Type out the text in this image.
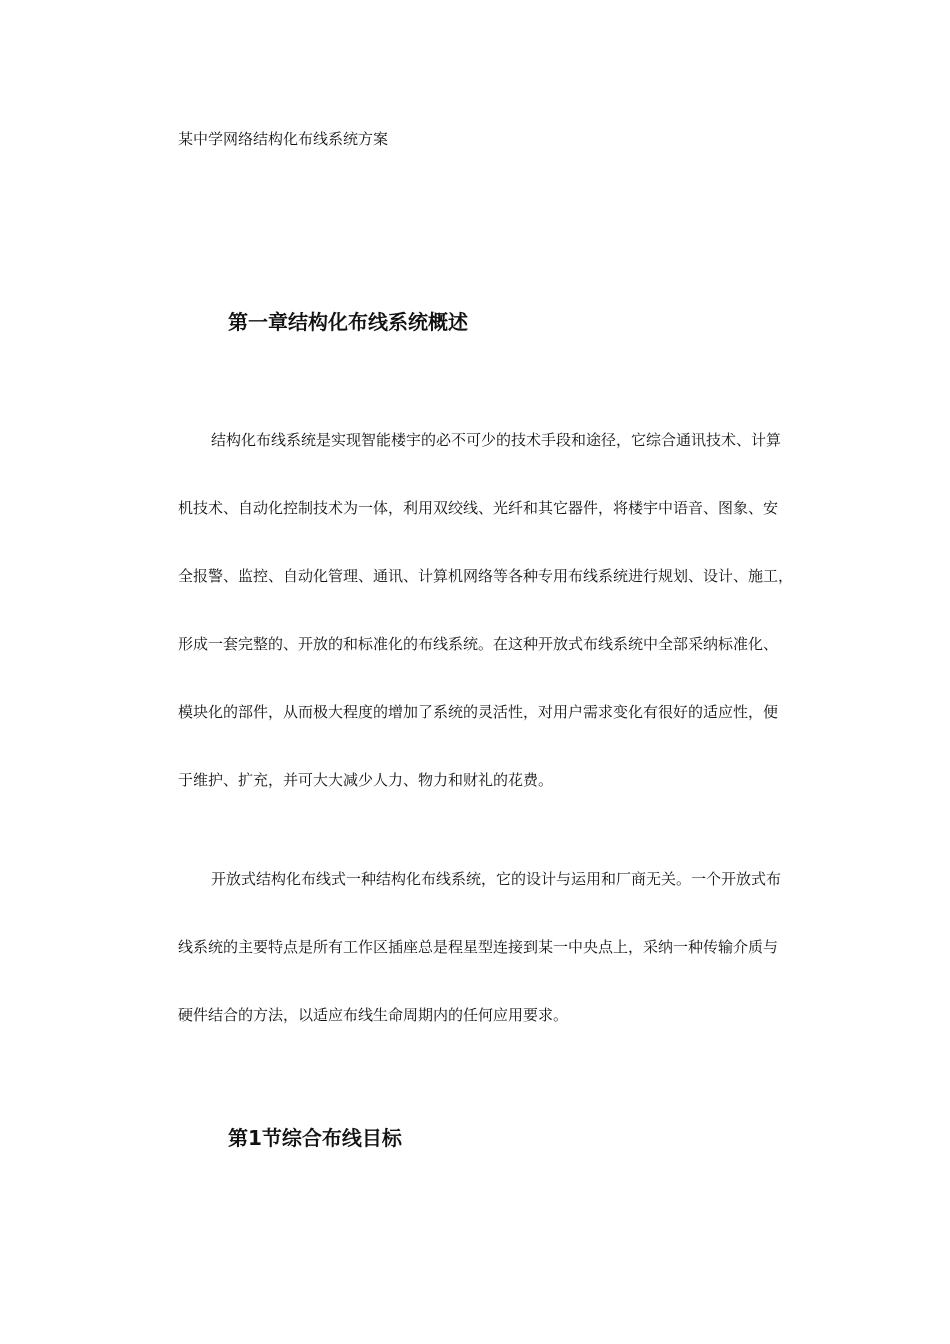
某中学网络结构化布线系统方案
第一章结构化布线系统概述
结构化布线系统是实现智能楼宇的必不可少的技术手段和途径，它综合通讯技术、计算
机技术、自动化控制技术为一体，利用双绞线、光纤和其它器件，将楼宇中语音、图象、安
全报警、监控、自动化管理、通讯、计算机网络等各种专用布线系统进行规划、设计、施工，
形成一套完整的、开放的和标准化的布线系统。在这种开放式布线系统中全部采纳标准化、
模块化的部件，从而极大程度的增加了系统的灵活性，对用户需求变化有很好的适应性，便
于维护、扩充，并可大大减少人力、物力和财礼的花费。
开放式结构化布线式一种结构化布线系统，它的设计与运用和厂商无关。一个开放式布
线系统的主要特点是所有工作区插座总是程星型连接到某一中央点上，采纳一种传输介质与
硬件结合的方法，以适应布线生命周期内的任何应用要求。
第1节综合布线目标
